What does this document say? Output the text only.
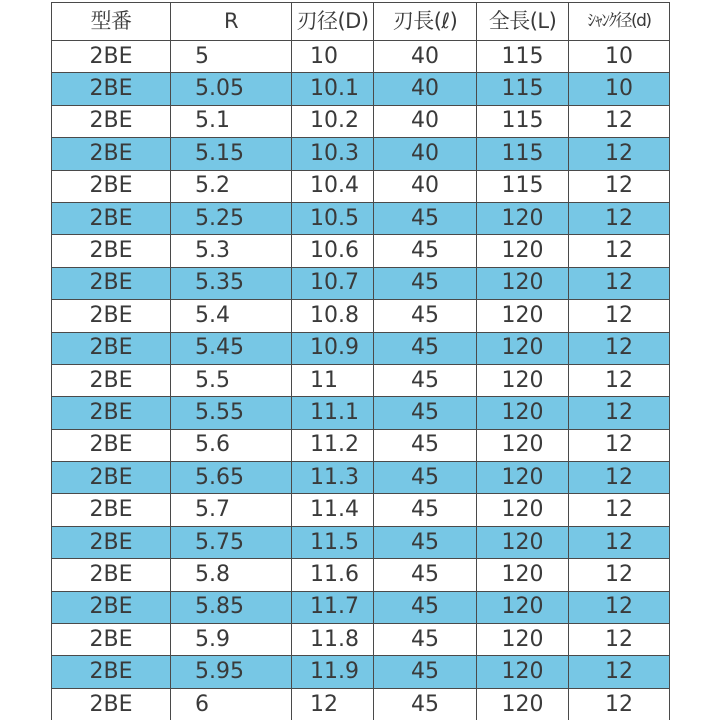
型番	R	刃径(D)	刃長(ℓ)	全長(L)	ｼｬﾝｸ径(d)
2BE	5	10	40	115	10
2BE	5.05	10.1	40	115	10
2BE	5.1	10.2	40	115	12
2BE	5.15	10.3	40	115	12
2BE	5.2	10.4	40	115	12
2BE	5.25	10.5	45	120	12
2BE	5.3	10.6	45	120	12
2BE	5.35	10.7	45	120	12
2BE	5.4	10.8	45	120	12
2BE	5.45	10.9	45	120	12
2BE	5.5	11	45	120	12
2BE	5.55	11.1	45	120	12
2BE	5.6	11.2	45	120	12
2BE	5.65	11.3	45	120	12
2BE	5.7	11.4	45	120	12
2BE	5.75	11.5	45	120	12
2BE	5.8	11.6	45	120	12
2BE	5.85	11.7	45	120	12
2BE	5.9	11.8	45	120	12
2BE	5.95	11.9	45	120	12
2BE	6	12	45	120	12
